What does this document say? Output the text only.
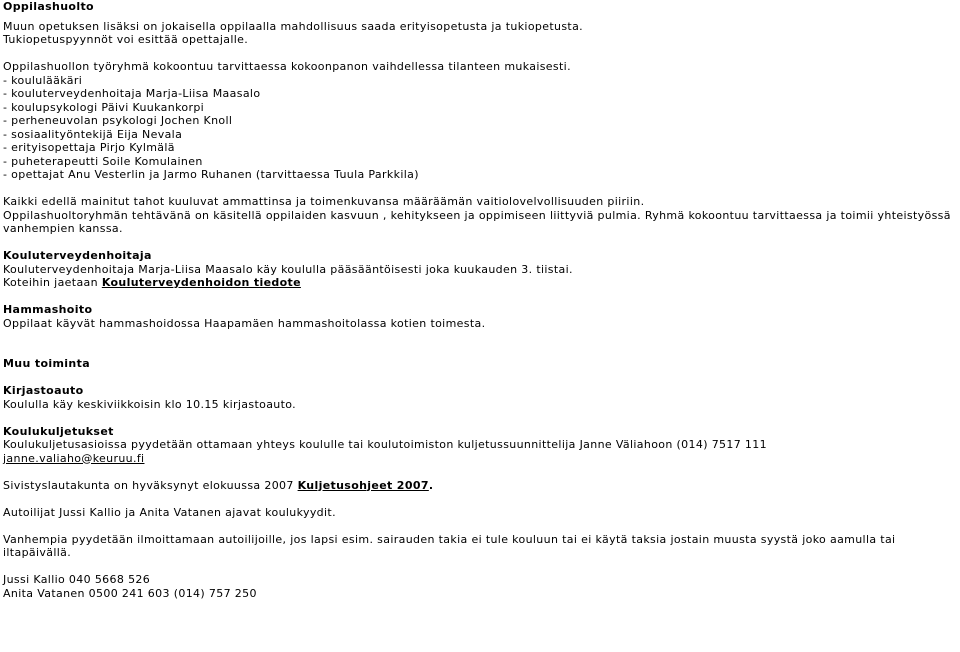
Oppilashuolto
Muun opetuksen lisäksi on jokaisella oppilaalla mahdollisuus saada erityisopetusta ja tukiopetusta.
Tukiopetuspyynnöt voi esittää opettajalle.
Oppilashuollon työryhmä kokoontuu tarvittaessa kokoonpanon vaihdellessa tilanteen mukaisesti.
- koululääkäri
- kouluterveydenhoitaja Marja-Liisa Maasalo
- koulupsykologi Päivi Kuukankorpi
- perheneuvolan psykologi Jochen Knoll
- sosiaalityöntekijä Eija Nevala
- erityisopettaja Pirjo Kylmälä
- puheterapeutti Soile Komulainen
- opettajat Anu Vesterlin ja Jarmo Ruhanen (tarvittaessa Tuula Parkkila)
Kaikki edellä mainitut tahot kuuluvat ammattinsa ja toimenkuvansa määräämän vaitiolovelvollisuuden piiriin.
Oppilashuoltoryhmän tehtävänä on käsitellä oppilaiden kasvuun , kehitykseen ja oppimiseen liittyviä pulmia. Ryhmä kokoontuu tarvittaessa ja toimii yhteistyössä vanhempien kanssa.
Kouluterveydenhoitaja
Kouluterveydenhoitaja Marja-Liisa Maasalo käy koululla pääsääntöisesti joka kuukauden 3. tiistai.
Koteihin jaetaan Kouluterveydenhoidon tiedote
Hammashoito
Oppilaat käyvät hammashoidossa Haapamäen hammashoitolassa kotien toimesta.
Muu toiminta
Kirjastoauto
Koululla käy keskiviikkoisin klo 10.15 kirjastoauto.
Koulukuljetukset
Koulukuljetusasioissa pyydetään ottamaan yhteys koululle tai koulutoimiston kuljetussuunnittelija Janne Väliahoon (014) 7517 111
janne.valiaho@keuruu.fi
Sivistyslautakunta on hyväksynyt elokuussa 2007 Kuljetusohjeet 2007.
Autoilijat Jussi Kallio ja Anita Vatanen ajavat koulukyydit.
Vanhempia pyydetään ilmoittamaan autoilijoille, jos lapsi esim. sairauden takia ei tule kouluun tai ei käytä taksia jostain muusta syystä joko aamulla tai iltapäivällä.
Jussi Kallio 040 5668 526
Anita Vatanen 0500 241 603 (014) 757 250
